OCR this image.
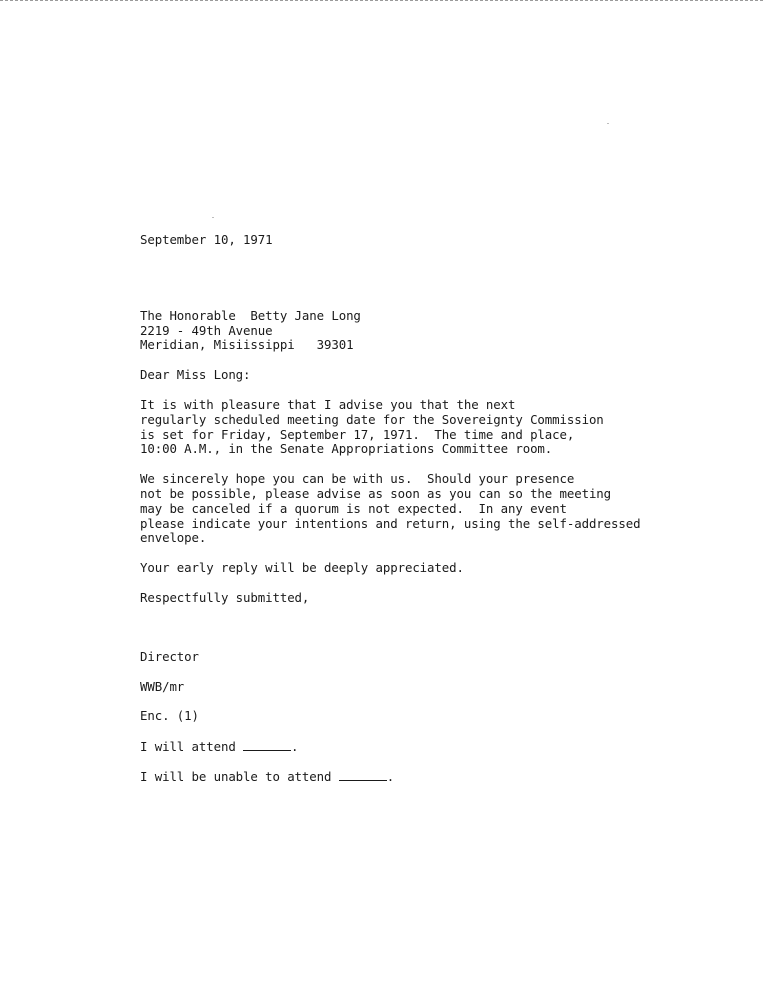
September 10, 1971
The Honorable  Betty Jane Long
2219 - 49th Avenue
Meridian, Misiissippi   39301
Dear Miss Long:
It is with pleasure that I advise you that the next
regularly scheduled meeting date for the Sovereignty Commission
is set for Friday, September 17, 1971.  The time and place,
10:00 A.M., in the Senate Appropriations Committee room.
We sincerely hope you can be with us.  Should your presence
not be possible, please advise as soon as you can so the meeting
may be canceled if a quorum is not expected.  In any event
please indicate your intentions and return, using the self-addressed
envelope.
Your early reply will be deeply appreciated.
Respectfully submitted,
Director
WWB/mr
Enc. (1)
I will attend	.
I will be unable to attend	.
